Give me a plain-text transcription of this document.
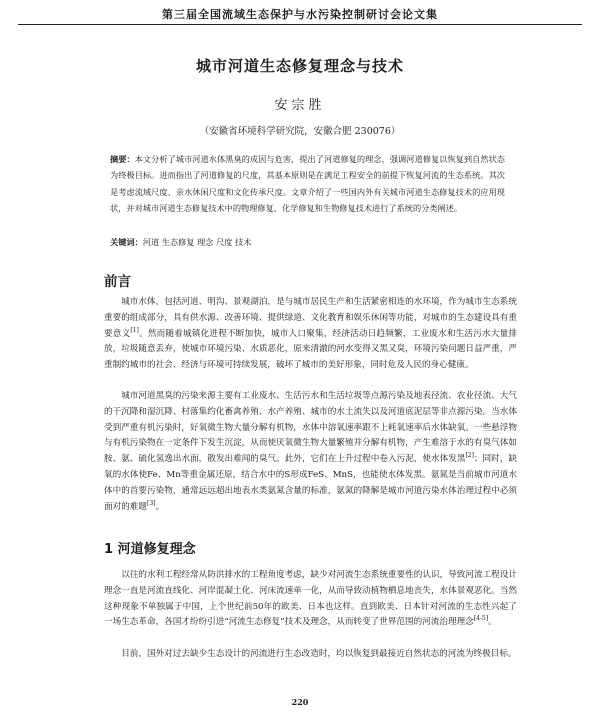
第三届全国流域生态保护与水污染控制研讨会论文集
城市河道生态修复理念与技术
安宗胜
（安徽省环境科学研究院，安徽合肥 230076）
摘要：本文分析了城市河道水体黑臭的成因与危害，提出了河道修复的理念，强调河道修复以恢复到自然状态为终极目标。进而指出了河道修复的尺度，其基本原则是在满足工程安全的前提下恢复河流的生态系统。其次是考虑流域尺度、亲水休闲尺度和文化传承尺度。文章介绍了一些国内外有关城市河道生态修复技术的应用现状，并对城市河道生态修复技术中的物理修复、化学修复和生物修复技术进行了系统的分类阐述。
关键词：河道 生态修复 理念 尺度 技术
前言

城市水体，包括河道、明沟、景观湖泊，是与城市居民生产和生活紧密相连的水环境，作为城市生态系统重要的组成部分，具有供水源、改善环境、提供绿道、文化教育和娱乐休闲等功能，对城市的生态建设具有重要意义[1]。然而随着城镇化进程不断加快，城市人口聚集，经济活动日趋频繁，工业废水和生活污水大量排放，垃圾随意丢弃，使城市环境污染、水质恶化，原来清澈的河水变得又黑又臭，环境污染问题日益严重，严重制约城市的社会、经济与环境可持续发展，破坏了城市的美好形象，同时危及人民的身心健康。

城市河道黑臭的污染来源主要有工业废水、生活污水和生活垃圾等点源污染及地表径流、农业径流、大气的干沉降和湿沉降、村落集约化畜禽养殖、水产养殖、城市的水土流失以及河道底泥层等非点源污染。当水体受到严重有机污染时，好氧微生物大量分解有机物，水体中溶氧速率跟不上耗氧速率后水体缺氧。一些悬浮物与有机污染物在一定条件下发生沉淀，从而使厌氧微生物大量繁殖并分解有机物，产生难溶于水的有臭气体如胺、氨、硫化氢逸出水面，散发出难闻的臭气。此外，它们在上升过程中卷入污泥，使水体发黑[2]；同时，缺氧的水体使Fe、Mn等重金属还原，结合水中的S形成FeS、MnS，也能使水体发黑。氨氮是当前城市河道水体中的首要污染物，通常远远超出地表水类氨氮含量的标准，氨氮的降解是城市河道污染水体治理过程中必须面对的难题[3]。

1 河道修复理念

以往的水利工程经常从防洪排水的工程角度考虑，缺少对河流生态系统重要性的认识，导致河流工程设计理念一直是河流直线化、河岸混凝土化、河床流速单一化，从而导致动植物栖息地丧失，水体景观恶化。当然这种现象不单独属于中国，上个世纪前50年的欧美、日本也这样。直到欧美、日本针对河流的生态性兴起了一场生态革命，各国才纷纷引进“河流生态修复”技术及理念，从而转变了世界范围的河流治理理念[4-5]。

目前，国外对过去缺少生态设计的河流进行生态改造时，均以恢复到最接近自然状态的河流为终极目标。

220
